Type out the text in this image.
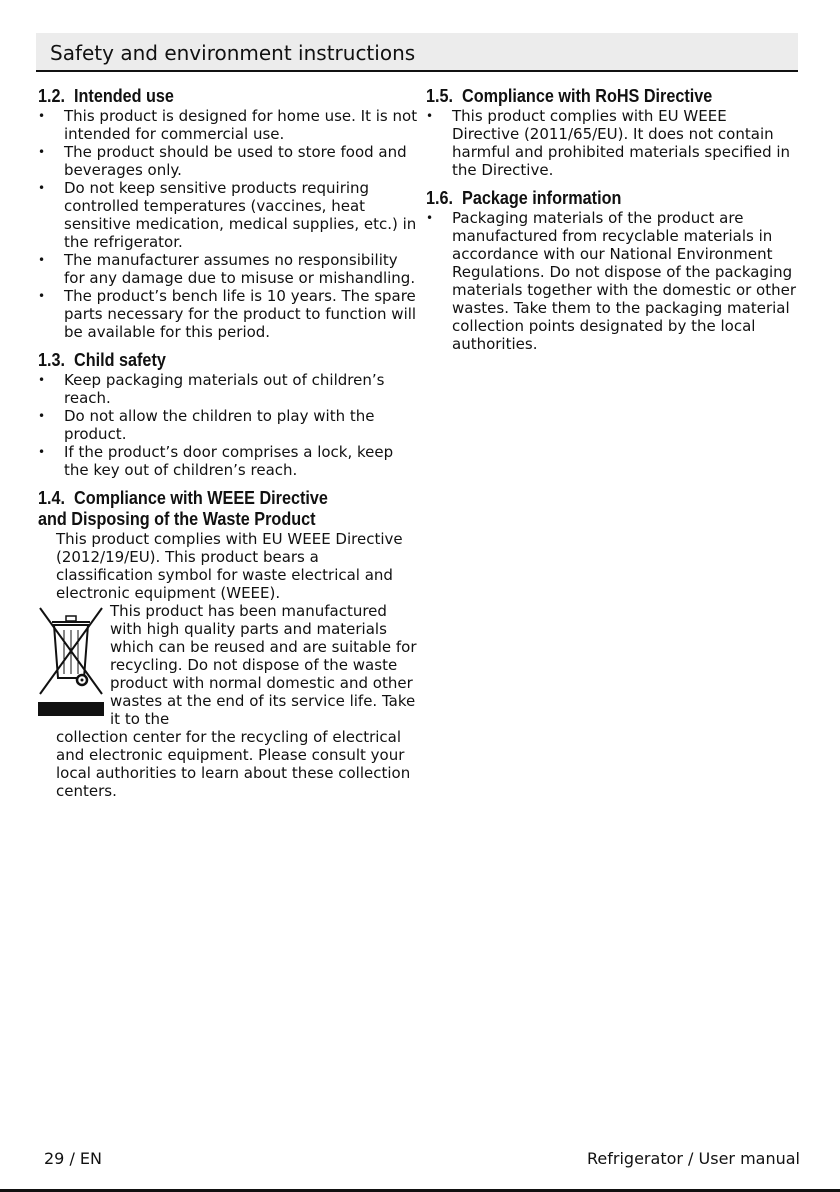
Safety and environment instructions
1.2. Intended use
• This product is designed for home use. It is not intended for commercial use.
• The product should be used to store food and beverages only.
• Do not keep sensitive products requiring controlled temperatures (vaccines, heat sensitive medication, medical supplies, etc.) in the refrigerator.
• The manufacturer assumes no responsibility for any damage due to misuse or mishandling.
• The product’s bench life is 10 years. The spare parts necessary for the product to function will be available for this period.
1.3. Child safety
• Keep packaging materials out of children’s reach.
• Do not allow the children to play with the product.
• If the product’s door comprises a lock, keep the key out of children’s reach.
1.4. Compliance with WEEE Directive
and Disposing of the Waste Product

This product complies with EU WEEE Directive (2012/19/EU). This product bears a classification symbol for waste electrical and electronic equipment (WEEE).

This product has been manufactured with high quality parts and materials which can be reused and are suitable for recycling. Do not dispose of the waste product with normal domestic and other wastes at the end of its service life. Take it to the
collection center for the recycling of electrical and electronic equipment. Please consult your local authorities to learn about these collection centers.
1.5. Compliance with RoHS Directive
• This product complies with EU WEEE Directive (2011/65/EU). It does not contain harmful and prohibited materials specified in the Directive.
1.6. Package information
• Packaging materials of the product are manufactured from recyclable materials in accordance with our National Environment Regulations. Do not dispose of the packaging materials together with the domestic or other wastes. Take them to the packaging material collection points designated by the local authorities.
29 / EN	Refrigerator / User manual
